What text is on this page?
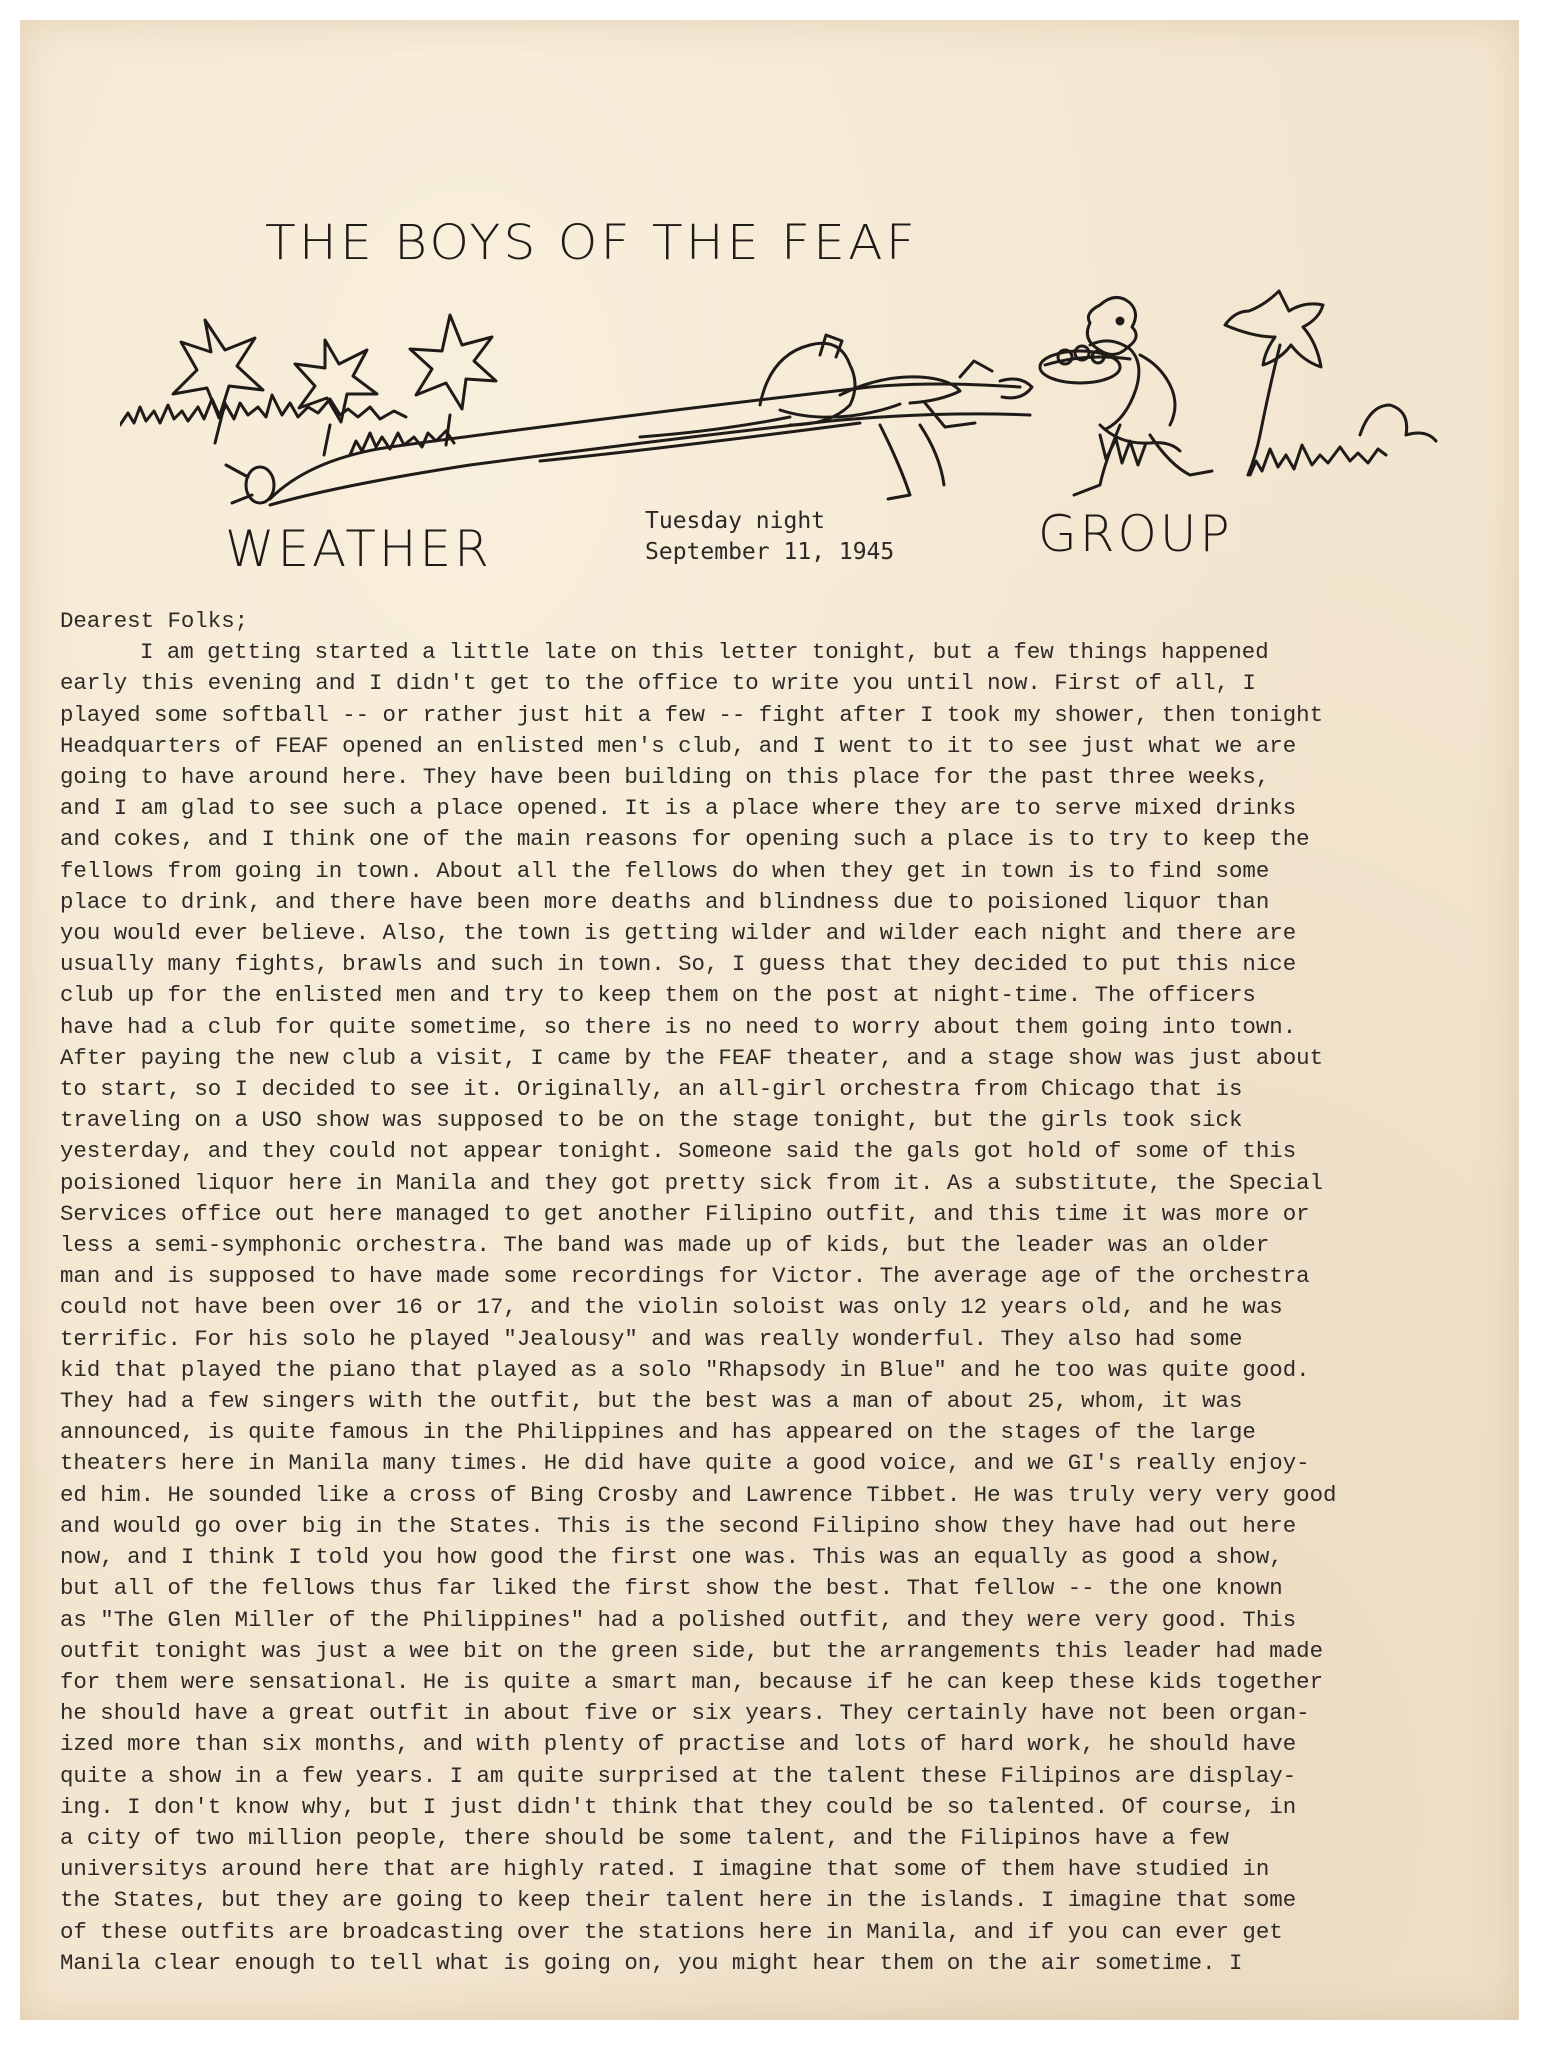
THE BOYS OF THE FEAF
WEATHER	GROUP
Tuesday night
September 11, 1945
Dearest Folks;
I am getting started a little late on this letter tonight, but a few things happened
early this evening and I didn't get to the office to write you until now. First of all, I
played some softball -- or rather just hit a few -- fight after I took my shower, then tonight
Headquarters of FEAF opened an enlisted men's club, and I went to it to see just what we are
going to have around here. They have been building on this place for the past three weeks,
and I am glad to see such a place opened. It is a place where they are to serve mixed drinks
and cokes, and I think one of the main reasons for opening such a place is to try to keep the
fellows from going in town. About all the fellows do when they get in town is to find some
place to drink, and there have been more deaths and blindness due to poisioned liquor than
you would ever believe. Also, the town is getting wilder and wilder each night and there are
usually many fights, brawls and such in town. So, I guess that they decided to put this nice
club up for the enlisted men and try to keep them on the post at night-time. The officers
have had a club for quite sometime, so there is no need to worry about them going into town.
After paying the new club a visit, I came by the FEAF theater, and a stage show was just about
to start, so I decided to see it. Originally, an all-girl orchestra from Chicago that is
traveling on a USO show was supposed to be on the stage tonight, but the girls took sick
yesterday, and they could not appear tonight. Someone said the gals got hold of some of this
poisioned liquor here in Manila and they got pretty sick from it. As a substitute, the Special
Services office out here managed to get another Filipino outfit, and this time it was more or
less a semi-symphonic orchestra. The band was made up of kids, but the leader was an older
man and is supposed to have made some recordings for Victor. The average age of the orchestra
could not have been over 16 or 17, and the violin soloist was only 12 years old, and he was
terrific. For his solo he played "Jealousy" and was really wonderful. They also had some
kid that played the piano that played as a solo "Rhapsody in Blue" and he too was quite good.
They had a few singers with the outfit, but the best was a man of about 25, whom, it was
announced, is quite famous in the Philippines and has appeared on the stages of the large
theaters here in Manila many times. He did have quite a good voice, and we GI's really enjoy-
ed him. He sounded like a cross of Bing Crosby and Lawrence Tibbet. He was truly very very good
and would go over big in the States. This is the second Filipino show they have had out here
now, and I think I told you how good the first one was. This was an equally as good a show,
but all of the fellows thus far liked the first show the best. That fellow -- the one known
as "The Glen Miller of the Philippines" had a polished outfit, and they were very good. This
outfit tonight was just a wee bit on the green side, but the arrangements this leader had made
for them were sensational. He is quite a smart man, because if he can keep these kids together
he should have a great outfit in about five or six years. They certainly have not been organ-
ized more than six months, and with plenty of practise and lots of hard work, he should have
quite a show in a few years. I am quite surprised at the talent these Filipinos are display-
ing. I don't know why, but I just didn't think that they could be so talented. Of course, in
a city of two million people, there should be some talent, and the Filipinos have a few
universitys around here that are highly rated. I imagine that some of them have studied in
the States, but they are going to keep their talent here in the islands. I imagine that some
of these outfits are broadcasting over the stations here in Manila, and if you can ever get
Manila clear enough to tell what is going on, you might hear them on the air sometime. I
